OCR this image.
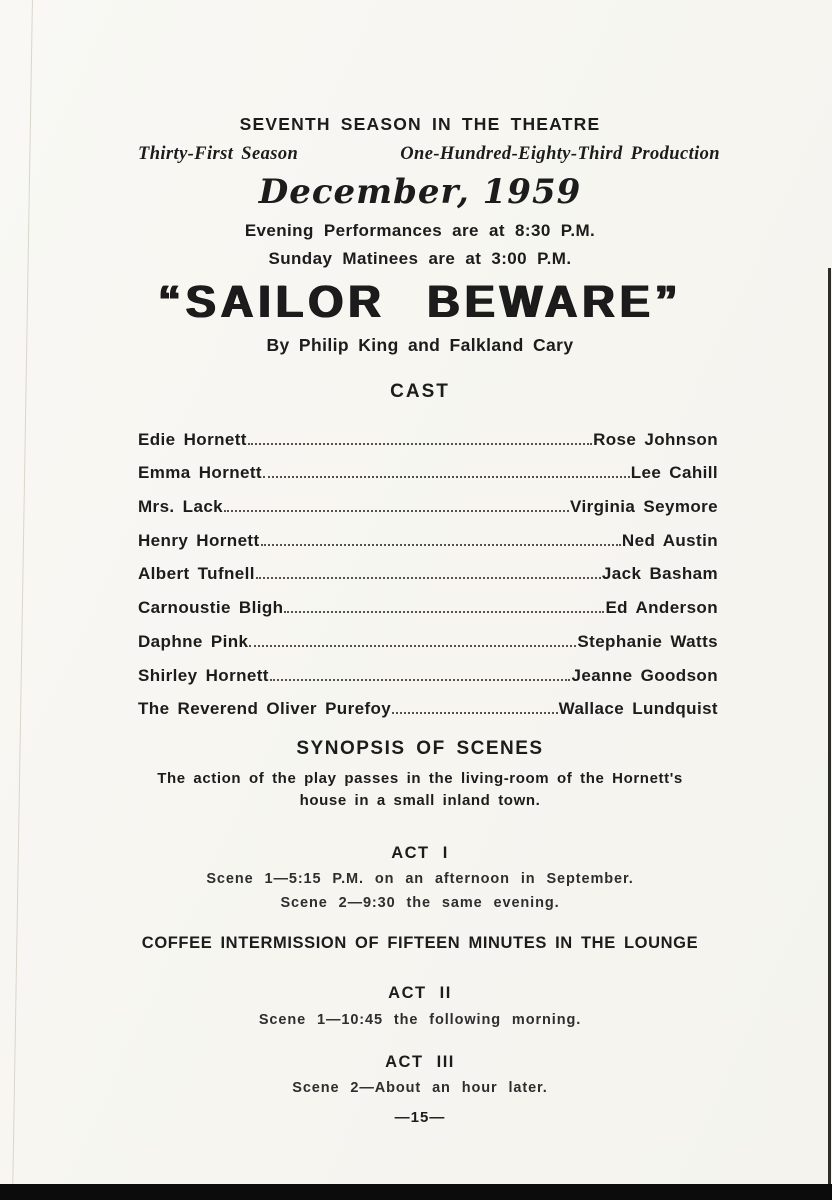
SEVENTH SEASON IN THE THEATRE
Thirty-First Season	One-Hundred-Eighty-Third Production
December, 1959
Evening Performances are at 8:30 P.M.
Sunday Matinees are at 3:00 P.M.
“SAILOR BEWARE”
By Philip King and Falkland Cary
CAST
Edie Hornett	Rose Johnson
Emma Hornett	Lee Cahill
Mrs. Lack	Virginia Seymore
Henry Hornett	Ned Austin
Albert Tufnell	Jack Basham
Carnoustie Bligh	Ed Anderson
Daphne Pink	Stephanie Watts
Shirley Hornett	Jeanne Goodson
The Reverend Oliver Purefoy	Wallace Lundquist
SYNOPSIS OF SCENES
The action of the play passes in the living-room of the Hornett's house in a small inland town.
ACT I
Scene 1—5:15 P.M. on an afternoon in September.
Scene 2—9:30 the same evening.
COFFEE INTERMISSION OF FIFTEEN MINUTES IN THE LOUNGE
ACT II
Scene 1—10:45 the following morning.
ACT III
Scene 2—About an hour later.
—15—
